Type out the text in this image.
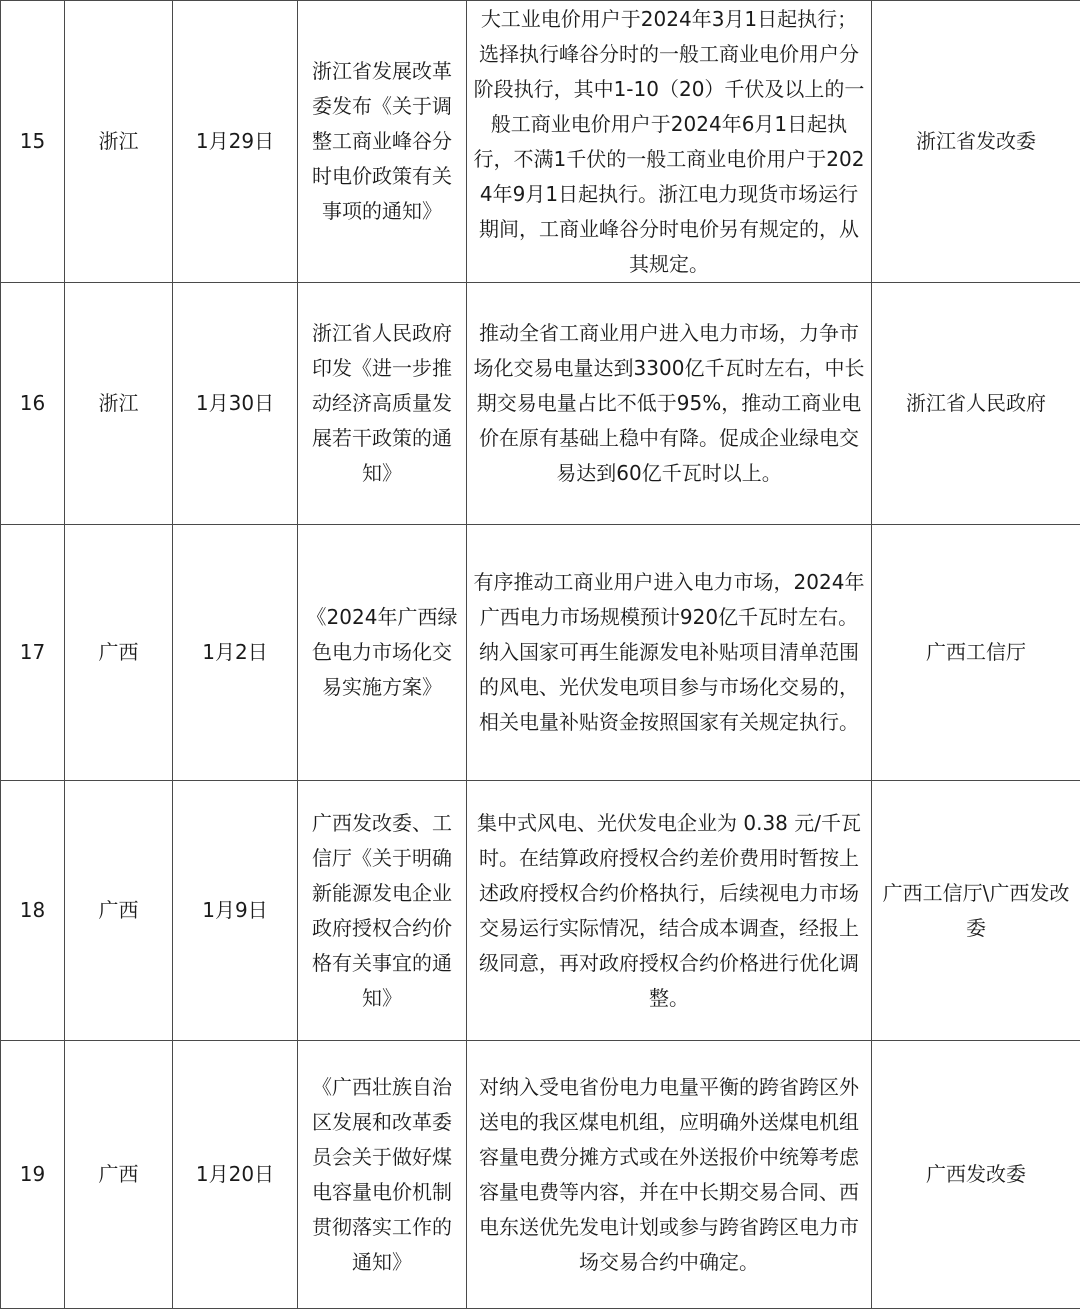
15	浙江	1月29日	浙江省发展改革委发布《关于调整工商业峰谷分时电价政策有关事项的通知》	大工业电价用户于2024年3月1日起执行；选择执行峰谷分时的一般工商业电价用户分阶段执行，其中1-10（20）千伏及以上的一般工商业电价用户于2024年6月1日起执行，不满1千伏的一般工商业电价用户于2024年9月1日起执行。浙江电力现货市场运行期间，工商业峰谷分时电价另有规定的，从其规定。	浙江省发改委
16	浙江	1月30日	浙江省人民政府印发《进一步推动经济高质量发展若干政策的通知》	推动全省工商业用户进入电力市场，力争市场化交易电量达到3300亿千瓦时左右，中长期交易电量占比不低于95%，推动工商业电价在原有基础上稳中有降。促成企业绿电交易达到60亿千瓦时以上。	浙江省人民政府
17	广西	1月2日	《2024年广西绿色电力市场化交易实施方案》	有序推动工商业用户进入电力市场，2024年广西电力市场规模预计920亿千瓦时左右。纳入国家可再生能源发电补贴项目清单范围的风电、光伏发电项目参与市场化交易的，相关电量补贴资金按照国家有关规定执行。	广西工信厅
18	广西	1月9日	广西发改委、工信厅《关于明确新能源发电企业政府授权合约价格有关事宜的通知》	集中式风电、光伏发电企业为 0.38 元/千瓦时。在结算政府授权合约差价费用时暂按上述政府授权合约价格执行，后续视电力市场交易运行实际情况，结合成本调查，经报上级同意，再对政府授权合约价格进行优化调整。	广西工信厅\广西发改委
19	广西	1月20日	《广西壮族自治区发展和改革委员会关于做好煤电容量电价机制贯彻落实工作的通知》	对纳入受电省份电力电量平衡的跨省跨区外送电的我区煤电机组，应明确外送煤电机组容量电费分摊方式或在外送报价中统筹考虑容量电费等内容，并在中长期交易合同、西电东送优先发电计划或参与跨省跨区电力市场交易合约中确定。	广西发改委
